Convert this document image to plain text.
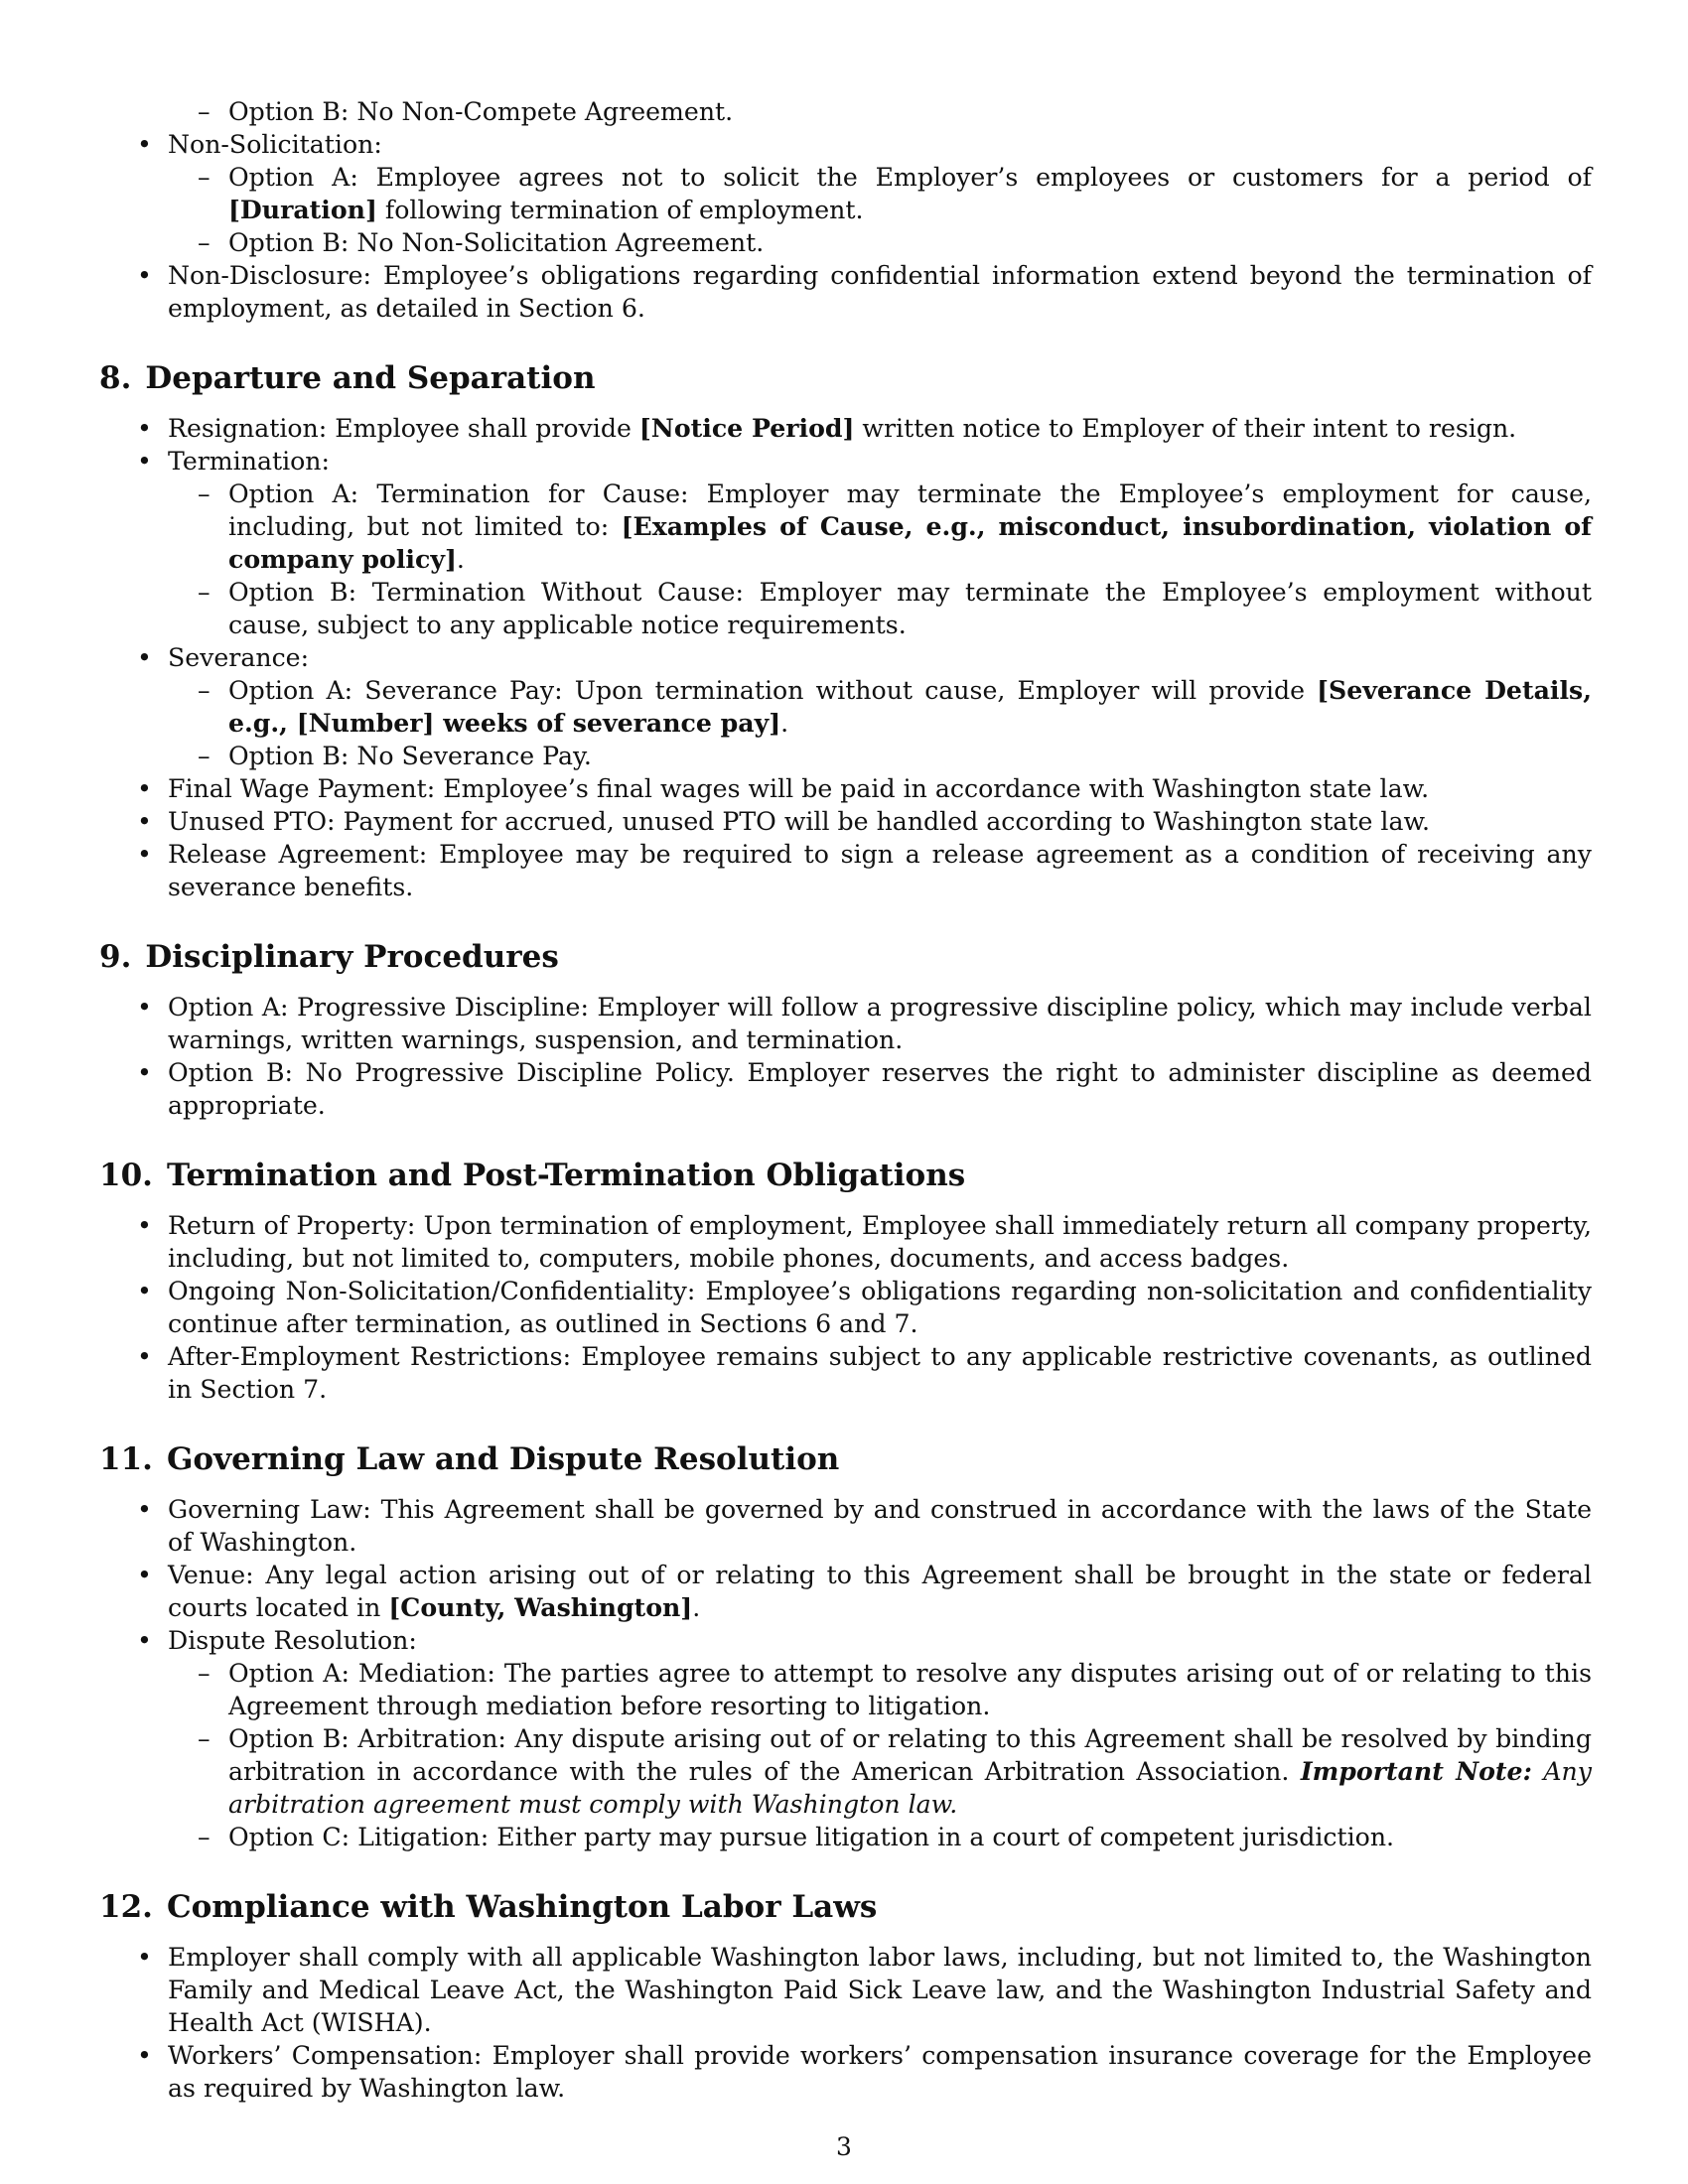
– Option B: No Non-Compete Agreement.
• Non-Solicitation:
– Option A: Employee agrees not to solicit the Employer’s employees or customers for a period of [Duration] following termination of employment.
– Option B: No Non-Solicitation Agreement.
• Non-Disclosure: Employee’s obligations regarding confidential information extend beyond the termination of employment, as detailed in Section 6.
8. Departure and Separation
• Resignation: Employee shall provide [Notice Period] written notice to Employer of their intent to resign.
• Termination:
– Option A: Termination for Cause: Employer may terminate the Employee’s employment for cause, including, but not limited to: [Examples of Cause, e.g., misconduct, insubordination, violation of company policy].
– Option B: Termination Without Cause: Employer may terminate the Employee’s employment without cause, subject to any applicable notice requirements.
• Severance:
– Option A: Severance Pay: Upon termination without cause, Employer will provide [Severance Details, e.g., [Number] weeks of severance pay].
– Option B: No Severance Pay.
• Final Wage Payment: Employee’s final wages will be paid in accordance with Washington state law.
• Unused PTO: Payment for accrued, unused PTO will be handled according to Washington state law.
• Release Agreement: Employee may be required to sign a release agreement as a condition of receiving any severance benefits.
9. Disciplinary Procedures
• Option A: Progressive Discipline: Employer will follow a progressive discipline policy, which may include verbal warnings, written warnings, suspension, and termination.
• Option B: No Progressive Discipline Policy. Employer reserves the right to administer discipline as deemed appropriate.
10. Termination and Post-Termination Obligations
• Return of Property: Upon termination of employment, Employee shall immediately return all company property, including, but not limited to, computers, mobile phones, documents, and access badges.
• Ongoing Non-Solicitation/Confidentiality: Employee’s obligations regarding non-solicitation and confidentiality continue after termination, as outlined in Sections 6 and 7.
• After-Employment Restrictions: Employee remains subject to any applicable restrictive covenants, as outlined in Section 7.
11. Governing Law and Dispute Resolution
• Governing Law: This Agreement shall be governed by and construed in accordance with the laws of the State of Washington.
• Venue: Any legal action arising out of or relating to this Agreement shall be brought in the state or federal courts located in [County, Washington].
• Dispute Resolution:
– Option A: Mediation: The parties agree to attempt to resolve any disputes arising out of or relating to this Agreement through mediation before resorting to litigation.
– Option B: Arbitration: Any dispute arising out of or relating to this Agreement shall be resolved by binding arbitration in accordance with the rules of the American Arbitration Association. Important Note: Any arbitration agreement must comply with Washington law.
– Option C: Litigation: Either party may pursue litigation in a court of competent jurisdiction.
12. Compliance with Washington Labor Laws
• Employer shall comply with all applicable Washington labor laws, including, but not limited to, the Washington Family and Medical Leave Act, the Washington Paid Sick Leave law, and the Washington Industrial Safety and Health Act (WISHA).
• Workers’ Compensation: Employer shall provide workers’ compensation insurance coverage for the Employee as required by Washington law.
3
